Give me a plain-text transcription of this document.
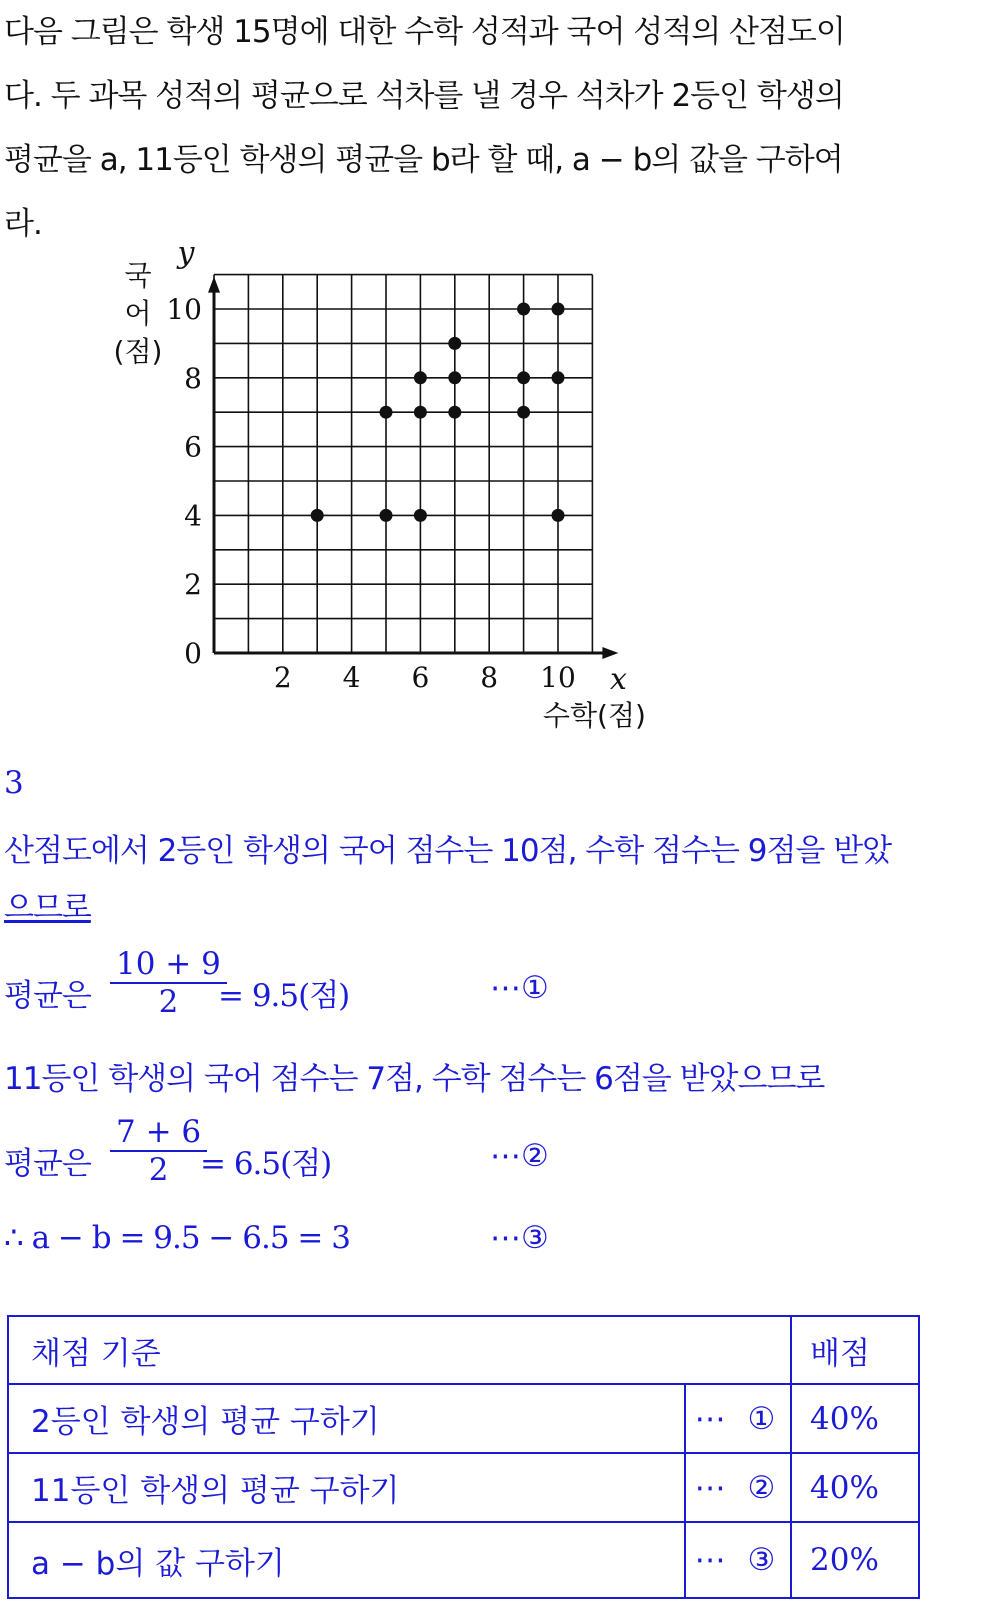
다음 그림은 학생 15명에 대한 수학 성적과 국어 성적의 산점도이
다. 두 과목 성적의 평균으로 석차를 낼 경우 석차가 2등인 학생의
평균을 a, 11등인 학생의 평균을 b라 할 때, a − b의 값을 구하여
라.
2 4 6 8 10
0
2
4
6
8
10
x
y
수학(점)
국
어
(점)
3
산점도에서 2등인 학생의 국어 점수는 10점, 수학 점수는 9점을 받았
으므로
평균은
10 + 9
2	= 9.5(점)	⋯①
11등인 학생의 국어 점수는 7점, 수학 점수는 6점을 받았으므로
평균은
7 + 6
2	= 6.5(점)	⋯②
∴ a − b = 9.5 − 6.5 = 3	⋯③
채점 기준		배점
2등인 학생의 평균 구하기	⋯ ①	40%
11등인 학생의 평균 구하기	⋯ ②	40%
a − b의 값 구하기	⋯ ③	20%
